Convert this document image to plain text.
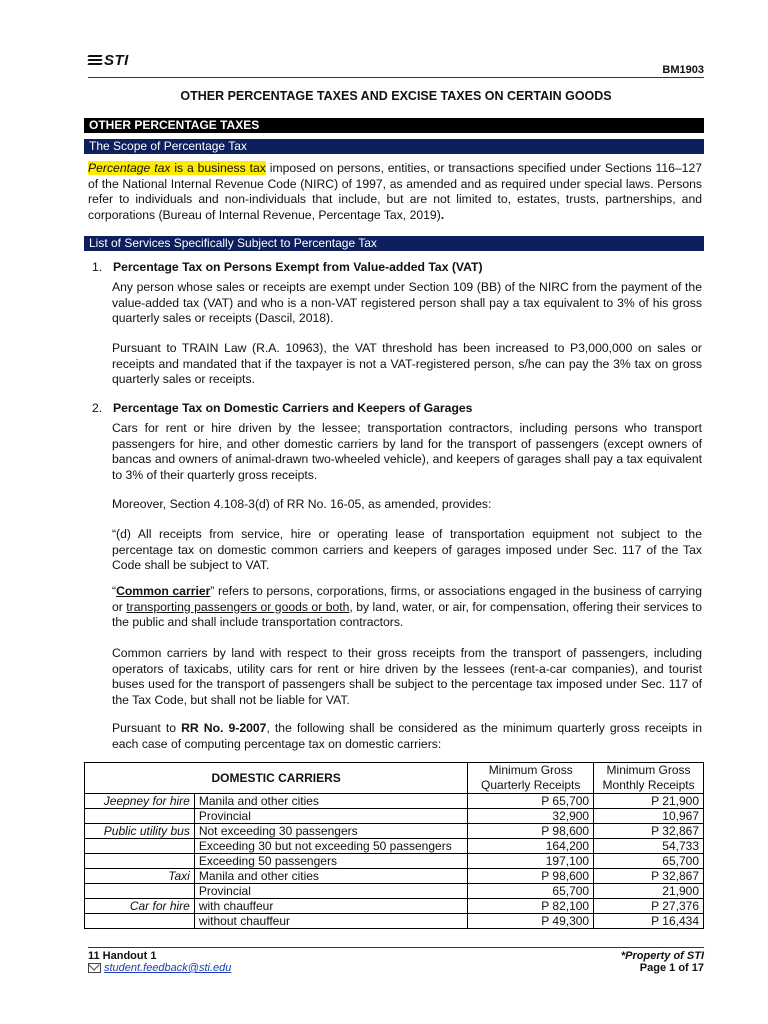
STI
BM1903
OTHER PERCENTAGE TAXES AND EXCISE TAXES ON CERTAIN GOODS
OTHER PERCENTAGE TAXES
The Scope of Percentage Tax
Percentage tax is a business tax imposed on persons, entities, or transactions specified under Sections 116–127 of the National Internal Revenue Code (NIRC) of 1997, as amended and as required under special laws. Persons refer to individuals and non-individuals that include, but are not limited to, estates, trusts, partnerships, and corporations (Bureau of Internal Revenue, Percentage Tax, 2019).
List of Services Specifically Subject to Percentage Tax
1. Percentage Tax on Persons Exempt from Value-added Tax (VAT)
Any person whose sales or receipts are exempt under Section 109 (BB) of the NIRC from the payment of the value-added tax (VAT) and who is a non-VAT registered person shall pay a tax equivalent to 3% of his gross quarterly sales or receipts (Dascil, 2018).
Pursuant to TRAIN Law (R.A. 10963), the VAT threshold has been increased to P3,000,000 on sales or receipts and mandated that if the taxpayer is not a VAT-registered person, s/he can pay the 3% tax on gross quarterly sales or receipts.
2. Percentage Tax on Domestic Carriers and Keepers of Garages
Cars for rent or hire driven by the lessee; transportation contractors, including persons who transport passengers for hire, and other domestic carriers by land for the transport of passengers (except owners of bancas and owners of animal-drawn two-wheeled vehicle), and keepers of garages shall pay a tax equivalent to 3% of their quarterly gross receipts.
Moreover, Section 4.108-3(d) of RR No. 16-05, as amended, provides:
“(d) All receipts from service, hire or operating lease of transportation equipment not subject to the percentage tax on domestic common carriers and keepers of garages imposed under Sec. 117 of the Tax Code shall be subject to VAT.
“Common carrier” refers to persons, corporations, firms, or associations engaged in the business of carrying or transporting passengers or goods or both, by land, water, or air, for compensation, offering their services to the public and shall include transportation contractors.
Common carriers by land with respect to their gross receipts from the transport of passengers, including operators of taxicabs, utility cars for rent or hire driven by the lessees (rent-a-car companies), and tourist buses used for the transport of passengers shall be subject to the percentage tax imposed under Sec. 117 of the Tax Code, but shall not be liable for VAT.
Pursuant to RR No. 9-2007, the following shall be considered as the minimum quarterly gross receipts in each case of computing percentage tax on domestic carriers:
DOMESTIC CARRIERS		Minimum Gross Quarterly Receipts	Minimum Gross Monthly Receipts
Jeepney for hire	Manila and other cities	P 65,700	P 21,900
	Provincial	32,900	10,967
Public utility bus	Not exceeding 30 passengers	P 98,600	P 32,867
	Exceeding 30 but not exceeding 50 passengers	164,200	54,733
	Exceeding 50 passengers	197,100	65,700
Taxi	Manila and other cities	P 98,600	P 32,867
	Provincial	65,700	21,900
Car for hire	with chauffeur	P 82,100	P 27,376
	without chauffeur	P 49,300	P 16,434
11 Handout 1
student.feedback@sti.edu
*Property of STI
Page 1 of 17
